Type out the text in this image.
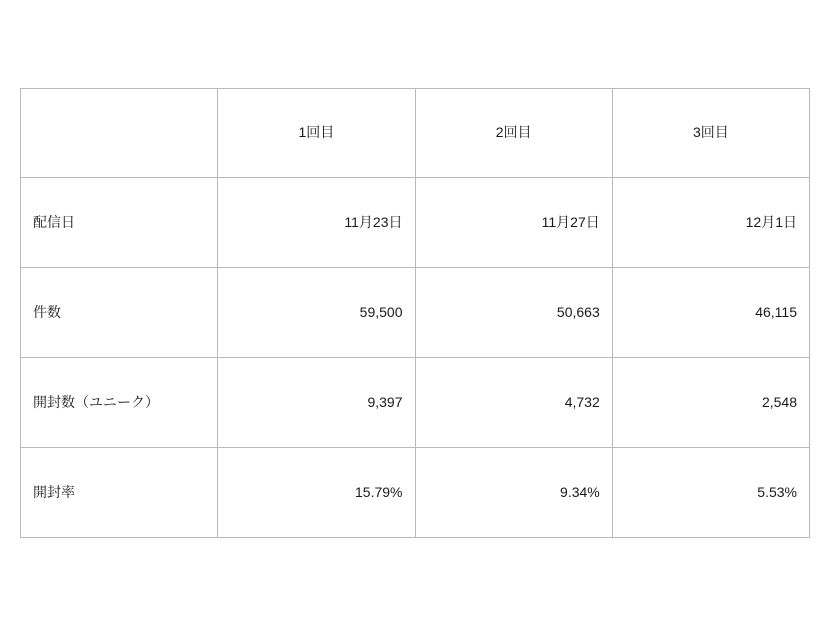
	1回目	2回目	3回目
配信日	11月23日	11月27日	12月1日
件数	59,500	50,663	46,115
開封数（ユニーク）	9,397	4,732	2,548
開封率	15.79%	9.34%	5.53%
